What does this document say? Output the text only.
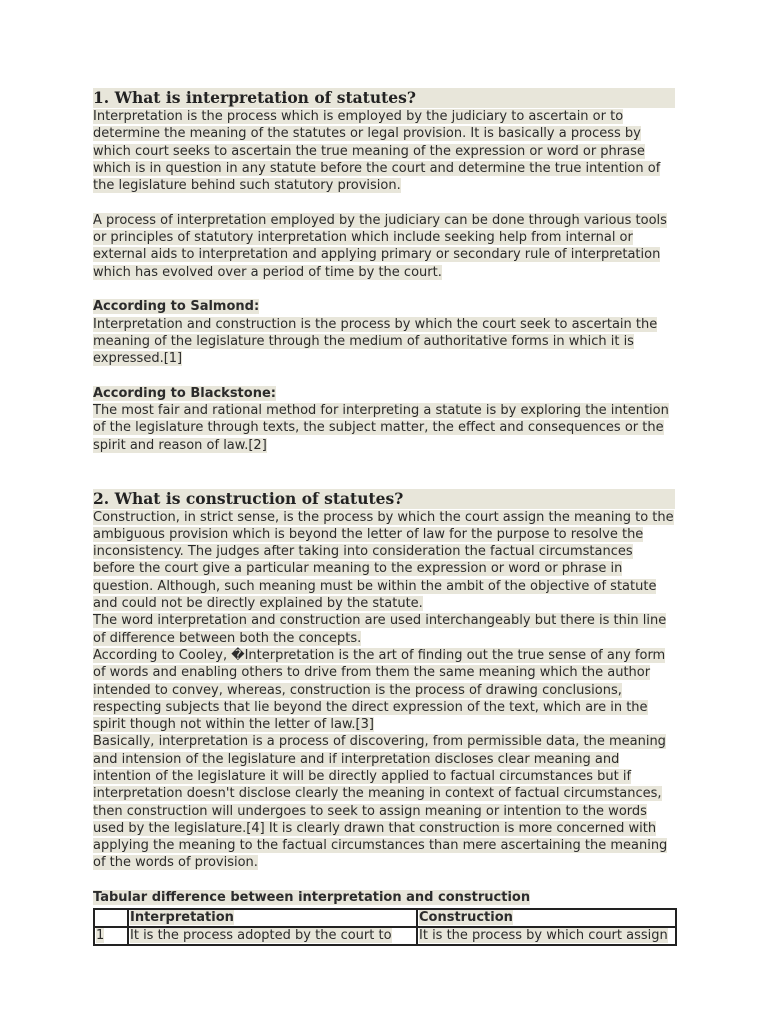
1. What is interpretation of statutes?

Interpretation is the process which is employed by the judiciary to ascertain or to determine the meaning of the statutes or legal provision. It is basically a process by which court seeks to ascertain the true meaning of the expression or word or phrase which is in question in any statute before the court and determine the true intention of the legislature behind such statutory provision.

A process of interpretation employed by the judiciary can be done through various tools or principles of statutory interpretation which include seeking help from internal or external aids to interpretation and applying primary or secondary rule of interpretation which has evolved over a period of time by the court.

According to Salmond:

Interpretation and construction is the process by which the court seek to ascertain the meaning of the legislature through the medium of authoritative forms in which it is expressed.[1]

According to Blackstone:

The most fair and rational method for interpreting a statute is by exploring the intention of the legislature through texts, the subject matter, the effect and consequences or the spirit and reason of law.[2]

2. What is construction of statutes?

Construction, in strict sense, is the process by which the court assign the meaning to the ambiguous provision which is beyond the letter of law for the purpose to resolve the inconsistency. The judges after taking into consideration the factual circumstances before the court give a particular meaning to the expression or word or phrase in question. Although, such meaning must be within the ambit of the objective of statute and could not be directly explained by the statute.

The word interpretation and construction are used interchangeably but there is thin line of difference between both the concepts.

According to Cooley, �Interpretation is the art of finding out the true sense of any form of words and enabling others to drive from them the same meaning which the author intended to convey, whereas, construction is the process of drawing conclusions, respecting subjects that lie beyond the direct expression of the text, which are in the spirit though not within the letter of law.[3]

Basically, interpretation is a process of discovering, from permissible data, the meaning and intension of the legislature and if interpretation discloses clear meaning and intention of the legislature it will be directly applied to factual circumstances but if interpretation doesn't disclose clearly the meaning in context of factual circumstances, then construction will undergoes to seek to assign meaning or intention to the words used by the legislature.[4] It is clearly drawn that construction is more concerned with applying the meaning to the factual circumstances than mere ascertaining the meaning of the words of provision.

Tabular difference between interpretation and construction

	Interpretation	Construction
1	It is the process adopted by the court to	It is the process by which court assign
